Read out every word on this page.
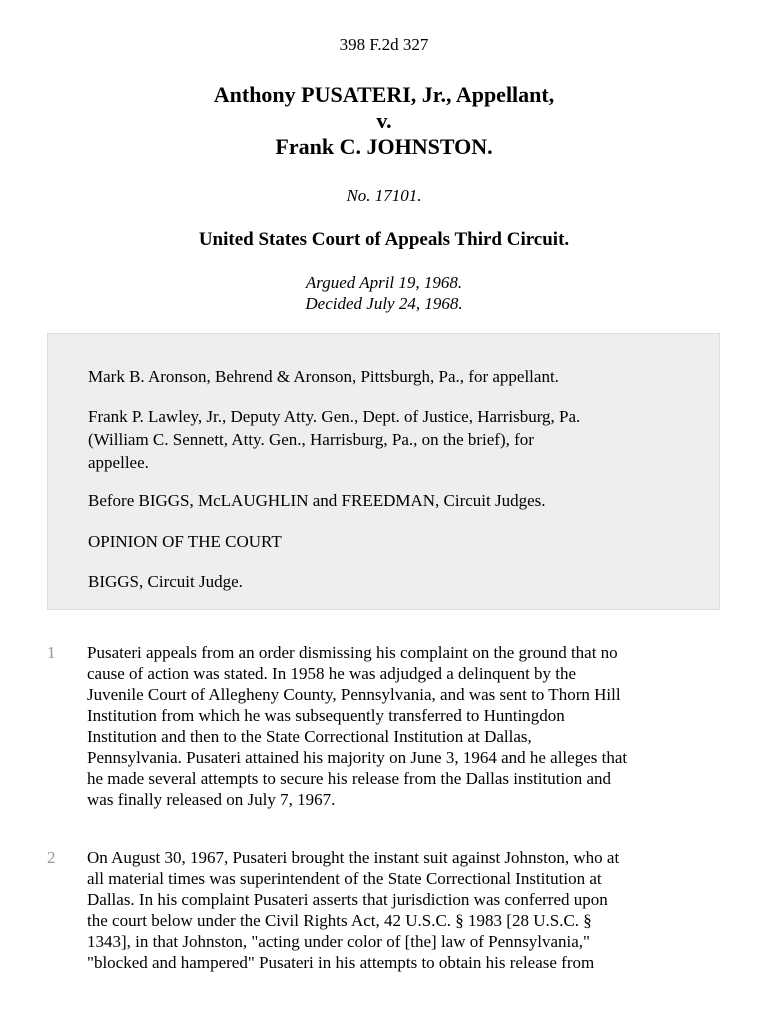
398 F.2d 327
Anthony PUSATERI, Jr., Appellant,
v.
Frank C. JOHNSTON.
No. 17101.
United States Court of Appeals Third Circuit.
Argued April 19, 1968.
Decided July 24, 1968.

Mark B. Aronson, Behrend & Aronson, Pittsburgh, Pa., for appellant.

Frank P. Lawley, Jr., Deputy Atty. Gen., Dept. of Justice, Harrisburg, Pa.
(William C. Sennett, Atty. Gen., Harrisburg, Pa., on the brief), for
appellee.

Before BIGGS, McLAUGHLIN and FREEDMAN, Circuit Judges.

OPINION OF THE COURT

BIGGS, Circuit Judge.

1 Pusateri appeals from an order dismissing his complaint on the ground that no
cause of action was stated. In 1958 he was adjudged a delinquent by the
Juvenile Court of Allegheny County, Pennsylvania, and was sent to Thorn Hill
Institution from which he was subsequently transferred to Huntingdon
Institution and then to the State Correctional Institution at Dallas,
Pennsylvania. Pusateri attained his majority on June 3, 1964 and he alleges that
he made several attempts to secure his release from the Dallas institution and
was finally released on July 7, 1967.
2 On August 30, 1967, Pusateri brought the instant suit against Johnston, who at
all material times was superintendent of the State Correctional Institution at
Dallas. In his complaint Pusateri asserts that jurisdiction was conferred upon
the court below under the Civil Rights Act, 42 U.S.C. § 1983 [28 U.S.C. §
1343], in that Johnston, "acting under color of [the] law of Pennsylvania,"
"blocked and hampered" Pusateri in his attempts to obtain his release from
